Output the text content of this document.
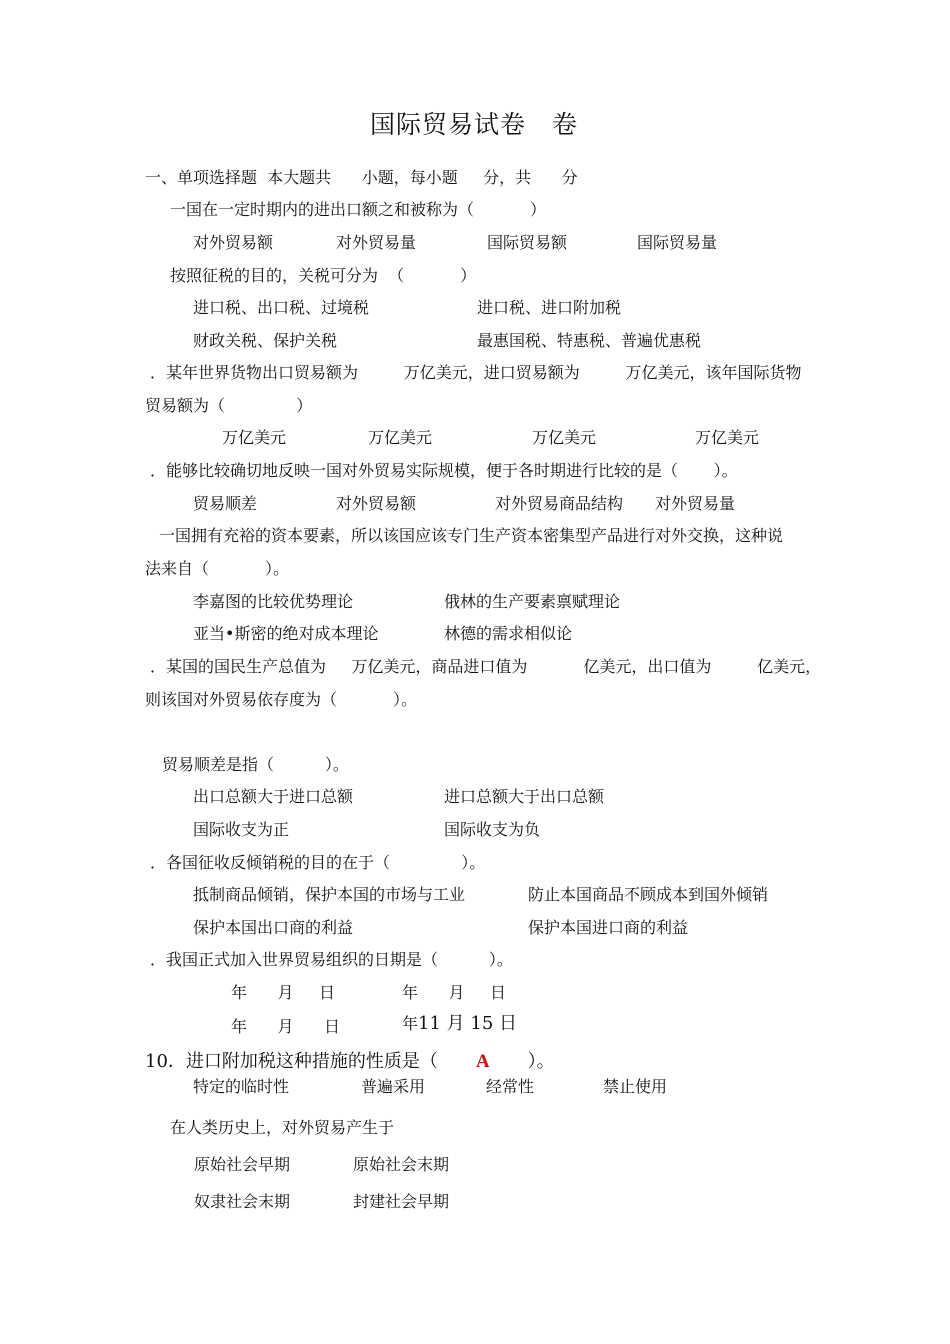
国际贸易试卷　卷
一、单项选择题  本大题共      小题，每小题     分，共      分
一国在一定时期内的进出口额之和被称为（           ）
对外贸易额	对外贸易量	国际贸易额	国际贸易量
按照征税的目的，关税可分为  （           ）
进口税、出口税、过境税	进口税、进口附加税
财政关税、保护关税	最惠国税、特惠税、普遍优惠税
．某年世界货物出口贸易额为         万亿美元，进口贸易额为         万亿美元，该年国际货物
贸易额为（              ）
万亿美元	万亿美元	万亿美元	万亿美元
．能够比较确切地反映一国对外贸易实际规模，便于各时期进行比较的是（       ）。
贸易顺差	对外贸易额	对外贸易商品结构 对外贸易量
一国拥有充裕的资本要素，所以该国应该专门生产资本密集型产品进行对外交换，这种说
法来自（           ）。
李嘉图的比较优势理论	俄林的生产要素禀赋理论
亚当•斯密的绝对成本理论	林德的需求相似论
．某国的国民生产总值为     万亿美元，商品进口值为           亿美元，出口值为         亿美元，
则该国对外贸易依存度为（           ）。
贸易顺差是指（          ）。
出口总额大于进口总额	进口总额大于出口总额
国际收支为正	国际收支为负
．各国征收反倾销税的目的在于（              ）。
抵制商品倾销，保护本国的市场与工业	防止本国商品不顾成本到国外倾销
保护本国出口商的利益	保护本国进口商的利益
．我国正式加入世界贸易组织的日期是（          ）。
年      月     日	年      月     日
年      月      日	年11 月 15 日
10．进口附加税这种措施的性质是（ A ）。
特定的临时性	普遍采用	经常性	禁止使用
在人类历史上，对外贸易产生于
原始社会早期	原始社会末期
奴隶社会末期	封建社会早期
